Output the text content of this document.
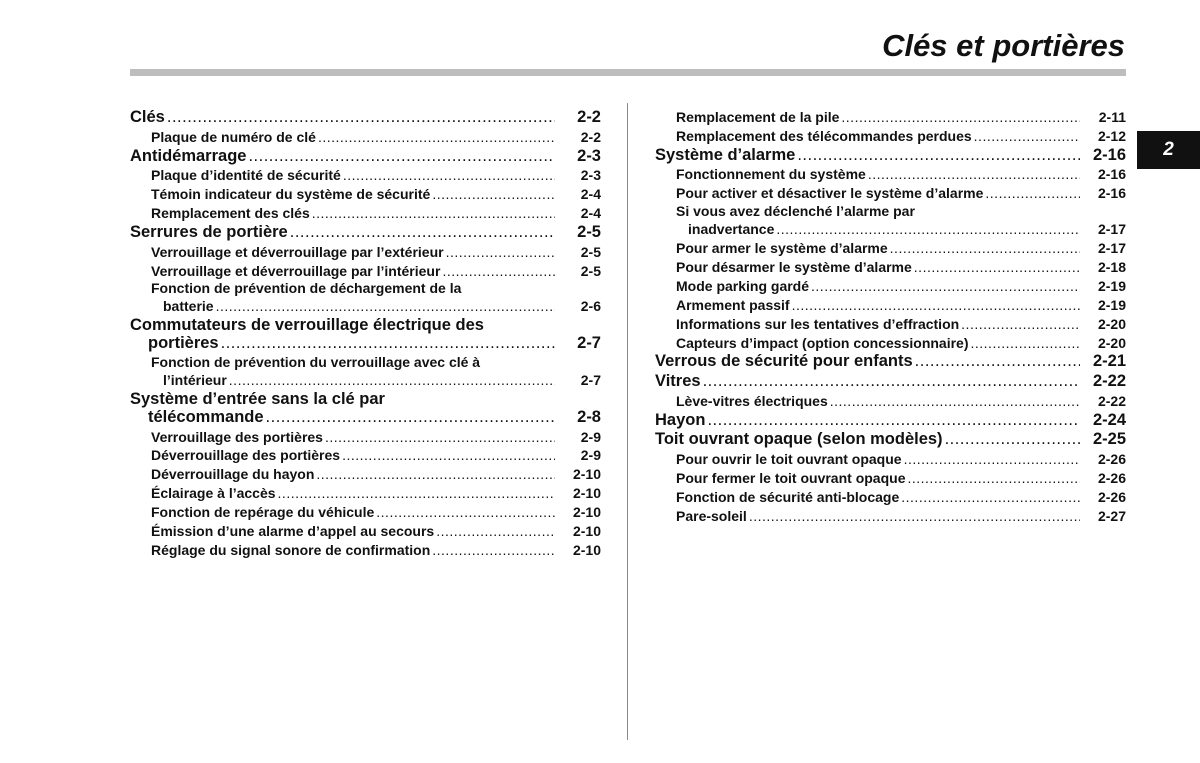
Clés et portières
2
Clés .....	2-2
Plaque de numéro de clé .....	2-2
Antidémarrage .....	2-3
Plaque d’identité de sécurité .....	2-3
Témoin indicateur du système de sécurité .....	2-4
Remplacement des clés .....	2-4
Serrures de portière .....	2-5
Verrouillage et déverrouillage par l’extérieur .....	2-5
Verrouillage et déverrouillage par l’intérieur .....	2-5
Fonction de prévention de déchargement de la
batterie .....	2-6
Commutateurs de verrouillage électrique des
portières .....	2-7
Fonction de prévention du verrouillage avec clé à
l’intérieur .....	2-7
Système d’entrée sans la clé par
télécommande .....	2-8
Verrouillage des portières .....	2-9
Déverrouillage des portières .....	2-9
Déverrouillage du hayon .....	2-10
Éclairage à l’accès .....	2-10
Fonction de repérage du véhicule .....	2-10
Émission d’une alarme d’appel au secours .....	2-10
Réglage du signal sonore de confirmation .....	2-10
Remplacement de la pile .....	2-11
Remplacement des télécommandes perdues .....	2-12
Système d’alarme .....	2-16
Fonctionnement du système .....	2-16
Pour activer et désactiver le système d’alarme .....	2-16
Si vous avez déclenché l’alarme par
inadvertance .....	2-17
Pour armer le système d’alarme .....	2-17
Pour désarmer le système d’alarme .....	2-18
Mode parking gardé .....	2-19
Armement passif .....	2-19
Informations sur les tentatives d’effraction .....	2-20
Capteurs d’impact (option concessionnaire) .....	2-20
Verrous de sécurité pour enfants .....	2-21
Vitres .....	2-22
Lève-vitres électriques .....	2-22
Hayon .....	2-24
Toit ouvrant opaque (selon modèles) .....	2-25
Pour ouvrir le toit ouvrant opaque .....	2-26
Pour fermer le toit ouvrant opaque .....	2-26
Fonction de sécurité anti-blocage .....	2-26
Pare-soleil .....	2-27
